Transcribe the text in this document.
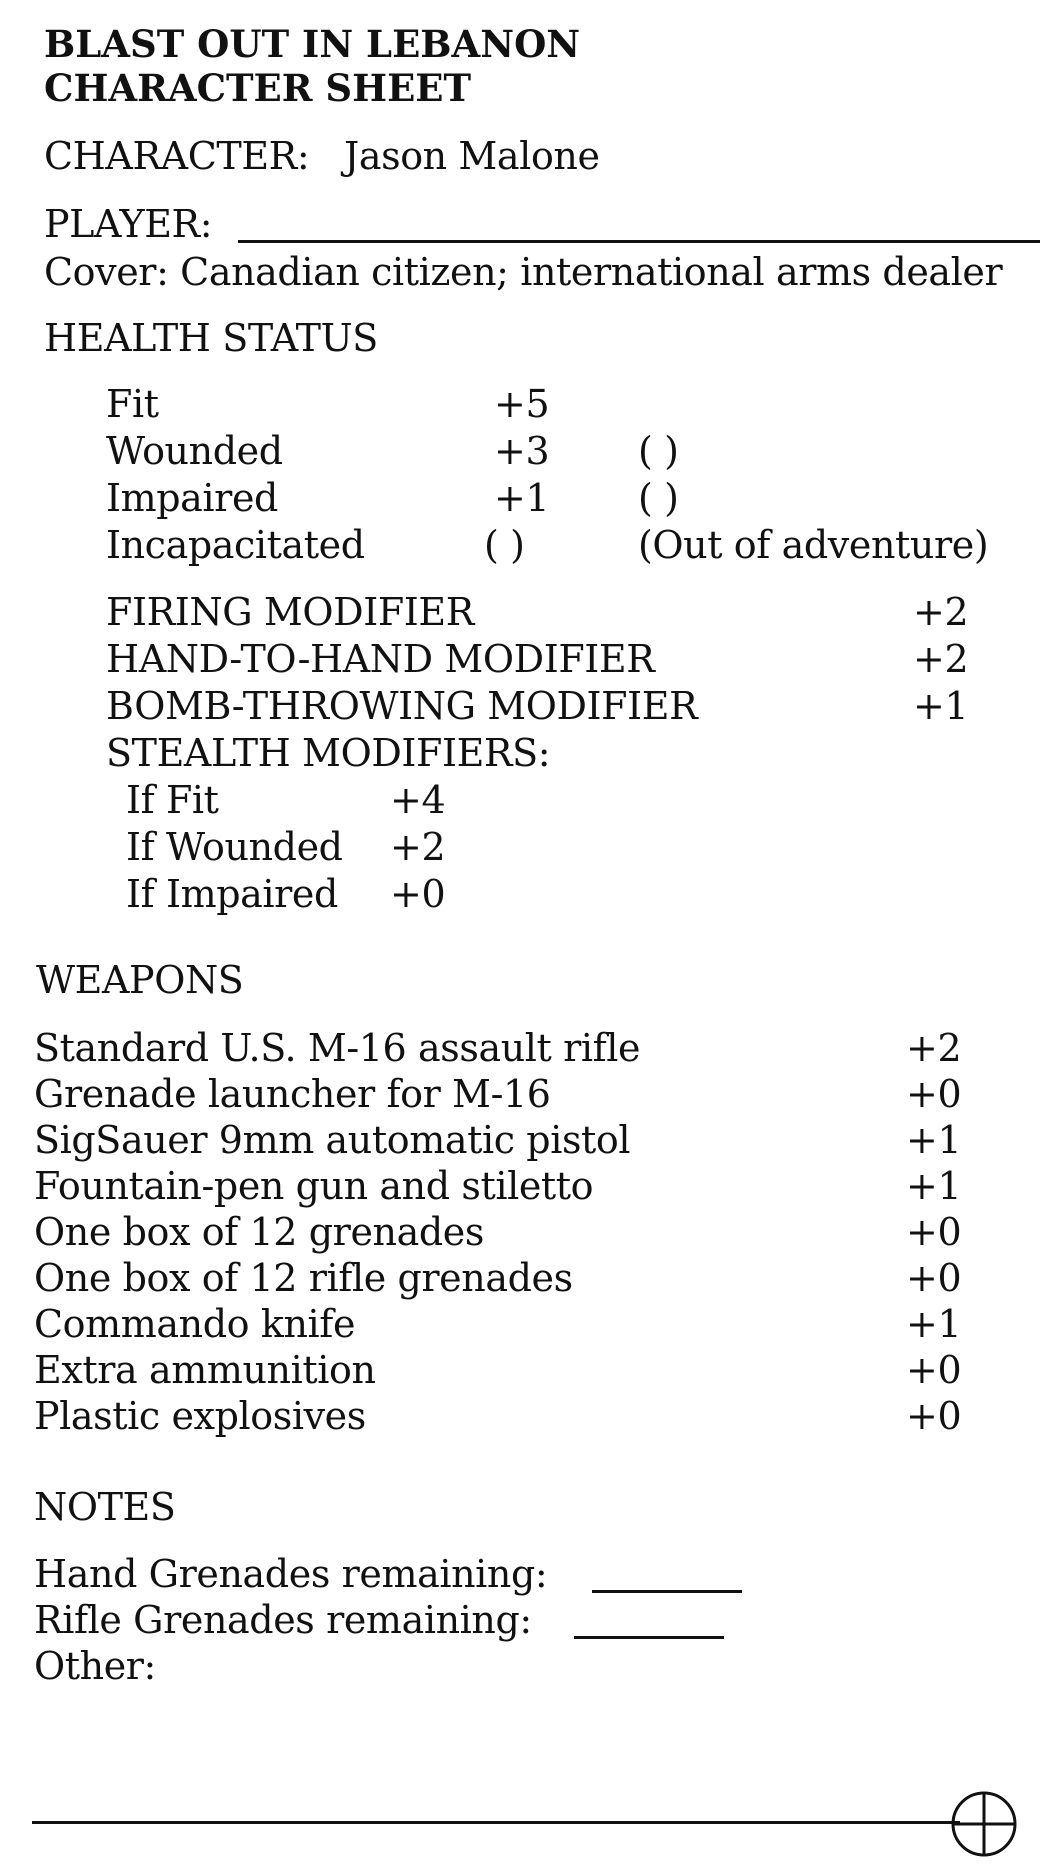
BLAST OUT IN LEBANON
CHARACTER SHEET
CHARACTER: Jason Malone
PLAYER:
Cover: Canadian citizen; international arms dealer
HEALTH STATUS
Fit	+5
Wounded	+3 ( )
Impaired	+1 ( )
Incapacitated	( )	(Out of adventure)
FIRING MODIFIER	+2
HAND-TO-HAND MODIFIER	+2
BOMB-THROWING MODIFIER	+1
STEALTH MODIFIERS:
If Fit	+4
If Wounded +2
If Impaired +0
WEAPONS
Standard U.S. M-16 assault rifle	+2
Grenade launcher for M-16	+0
SigSauer 9mm automatic pistol	+1
Fountain-pen gun and stiletto	+1
One box of 12 grenades	+0
One box of 12 rifle grenades	+0
Commando knife	+1
Extra ammunition	+0
Plastic explosives	+0
NOTES
Hand Grenades remaining:
Rifle Grenades remaining:
Other:
